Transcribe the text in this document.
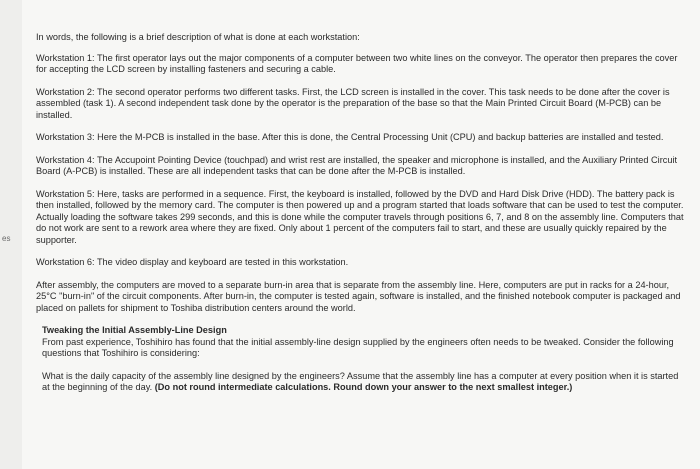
es

In words, the following is a brief description of what is done at each workstation:

Workstation 1: The first operator lays out the major components of a computer between two white lines on the conveyor. The operator then prepares the cover for accepting the LCD screen by installing fasteners and securing a cable.

Workstation 2: The second operator performs two different tasks. First, the LCD screen is installed in the cover. This task needs to be done after the cover is assembled (task 1). A second independent task done by the operator is the preparation of the base so that the Main Printed Circuit Board (M-PCB) can be installed.

Workstation 3: Here the M-PCB is installed in the base. After this is done, the Central Processing Unit (CPU) and backup batteries are installed and tested.

Workstation 4: The Accupoint Pointing Device (touchpad) and wrist rest are installed, the speaker and microphone is installed, and the Auxiliary Printed Circuit Board (A-PCB) is installed. These are all independent tasks that can be done after the M-PCB is installed.

Workstation 5: Here, tasks are performed in a sequence. First, the keyboard is installed, followed by the DVD and Hard Disk Drive (HDD). The battery pack is then installed, followed by the memory card. The computer is then powered up and a program started that loads software that can be used to test the computer. Actually loading the software takes 299 seconds, and this is done while the computer travels through positions 6, 7, and 8 on the assembly line. Computers that do not work are sent to a rework area where they are fixed. Only about 1 percent of the computers fail to start, and these are usually quickly repaired by the supporter.

Workstation 6: The video display and keyboard are tested in this workstation.

After assembly, the computers are moved to a separate burn-in area that is separate from the assembly line. Here, computers are put in racks for a 24-hour, 25°C "burn-in" of the circuit components. After burn-in, the computer is tested again, software is installed, and the finished notebook computer is packaged and placed on pallets for shipment to Toshiba distribution centers around the world.

Tweaking the Initial Assembly-Line Design

From past experience, Toshihiro has found that the initial assembly-line design supplied by the engineers often needs to be tweaked. Consider the following questions that Toshihiro is considering:

What is the daily capacity of the assembly line designed by the engineers? Assume that the assembly line has a computer at every position when it is started at the beginning of the day. (Do not round intermediate calculations. Round down your answer to the next smallest integer.)
